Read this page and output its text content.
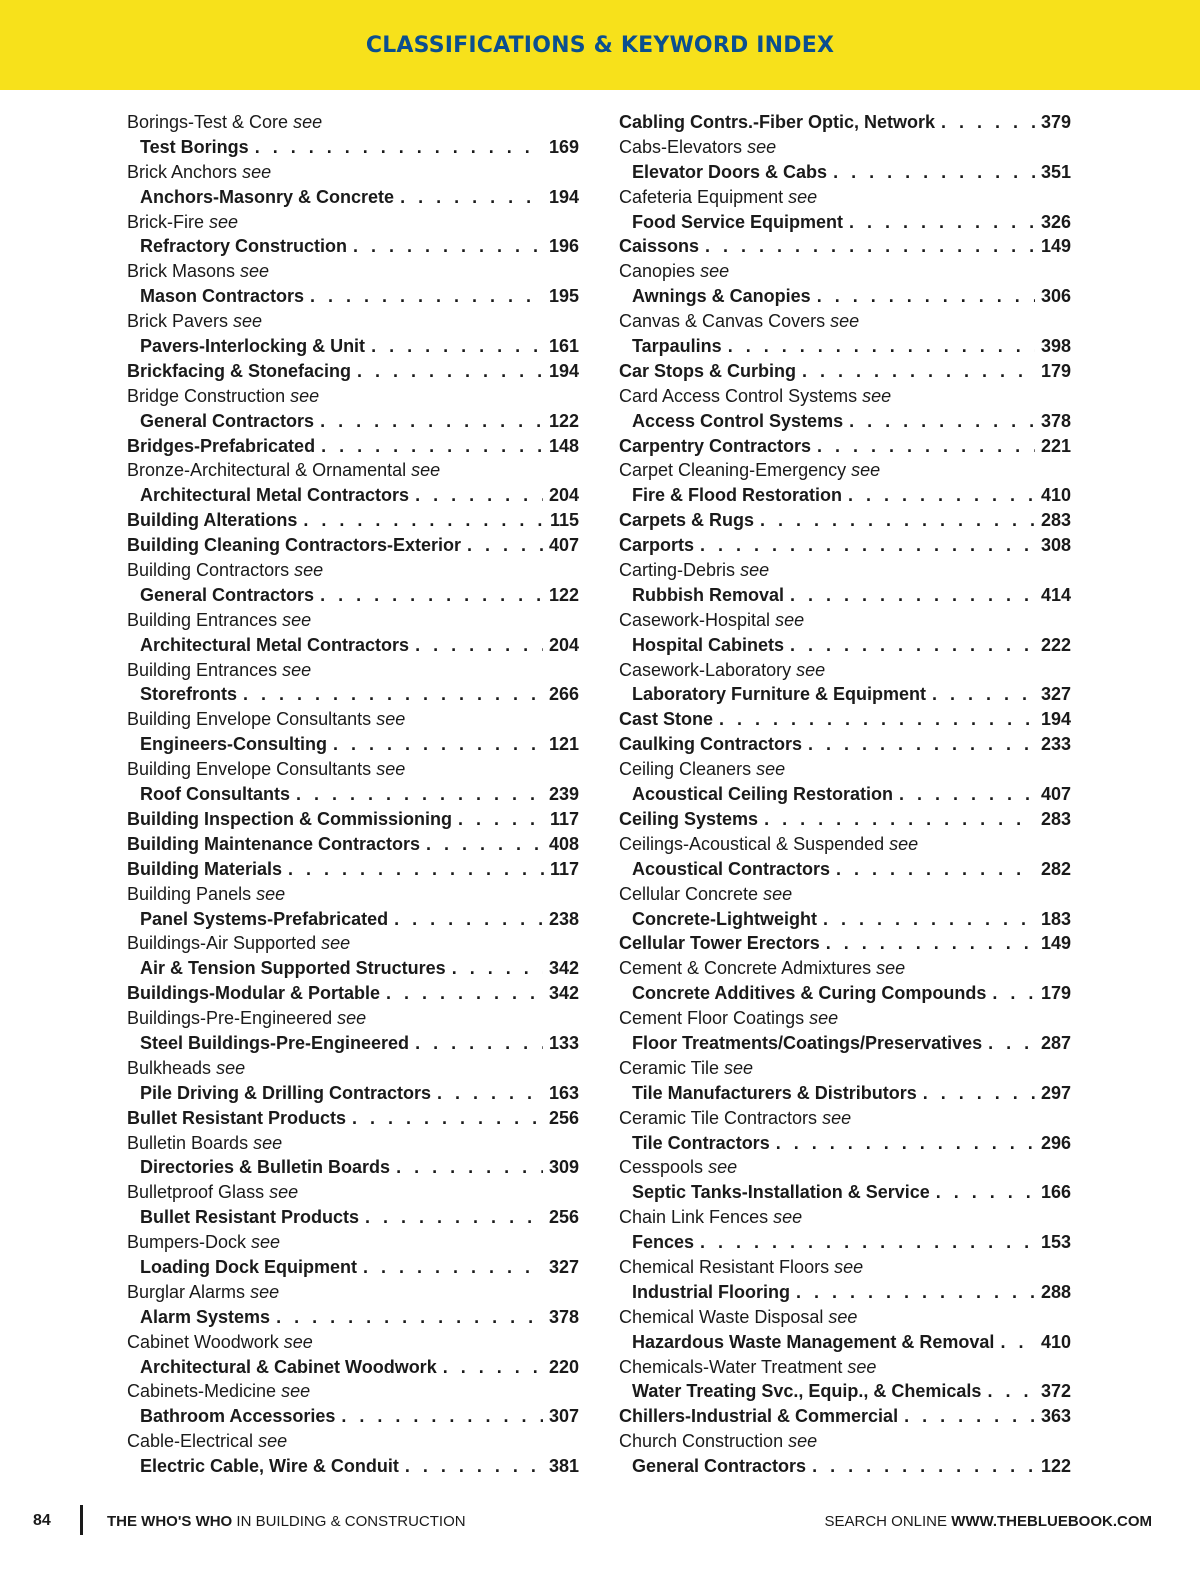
CLASSIFICATIONS & KEYWORD INDEX
Borings-Test & Core see
Test Borings . . .	169
Brick Anchors see
Anchors-Masonry & Concrete . . .	194
Brick-Fire see
Refractory Construction . . .	196
Brick Masons see
Mason Contractors . . .	195
Brick Pavers see
Pavers-Interlocking & Unit . . .	161
Brickfacing & Stonefacing . . .	194
Bridge Construction see
General Contractors . . .	122
Bridges-Prefabricated . . .	148
Bronze-Architectural & Ornamental see
Architectural Metal Contractors . . .	204
Building Alterations . . .	115
Building Cleaning Contractors-Exterior . . .	407
Building Contractors see
General Contractors . . .	122
Building Entrances see
Architectural Metal Contractors . . .	204
Building Entrances see
Storefronts . . .	266
Building Envelope Consultants see
Engineers-Consulting . . .	121
Building Envelope Consultants see
Roof Consultants . . .	239
Building Inspection & Commissioning . . .	117
Building Maintenance Contractors . . .	408
Building Materials . . .	117
Building Panels see
Panel Systems-Prefabricated . . .	238
Buildings-Air Supported see
Air & Tension Supported Structures . . .	342
Buildings-Modular & Portable . . .	342
Buildings-Pre-Engineered see
Steel Buildings-Pre-Engineered . . .	133
Bulkheads see
Pile Driving & Drilling Contractors . . .	163
Bullet Resistant Products . . .	256
Bulletin Boards see
Directories & Bulletin Boards . . .	309
Bulletproof Glass see
Bullet Resistant Products . . .	256
Bumpers-Dock see
Loading Dock Equipment . . .	327
Burglar Alarms see
Alarm Systems . . .	378
Cabinet Woodwork see
Architectural & Cabinet Woodwork . . .	220
Cabinets-Medicine see
Bathroom Accessories . . .	307
Cable-Electrical see
Electric Cable, Wire & Conduit . . .	381
Cabling Contrs.-Fiber Optic, Network . . .	379
Cabs-Elevators see
Elevator Doors & Cabs . . .	351
Cafeteria Equipment see
Food Service Equipment . . .	326
Caissons . . .	149
Canopies see
Awnings & Canopies . . .	306
Canvas & Canvas Covers see
Tarpaulins . . .	398
Car Stops & Curbing . . .	179
Card Access Control Systems see
Access Control Systems . . .	378
Carpentry Contractors . . .	221
Carpet Cleaning-Emergency see
Fire & Flood Restoration . . .	410
Carpets & Rugs . . .	283
Carports . . .	308
Carting-Debris see
Rubbish Removal . . .	414
Casework-Hospital see
Hospital Cabinets . . .	222
Casework-Laboratory see
Laboratory Furniture & Equipment . . .	327
Cast Stone . . .	194
Caulking Contractors . . .	233
Ceiling Cleaners see
Acoustical Ceiling Restoration . . .	407
Ceiling Systems . . .	283
Ceilings-Acoustical & Suspended see
Acoustical Contractors . . .	282
Cellular Concrete see
Concrete-Lightweight . . .	183
Cellular Tower Erectors . . .	149
Cement & Concrete Admixtures see
Concrete Additives & Curing Compounds . . .	179
Cement Floor Coatings see
Floor Treatments/Coatings/Preservatives . . .	287
Ceramic Tile see
Tile Manufacturers & Distributors . . .	297
Ceramic Tile Contractors see
Tile Contractors . . .	296
Cesspools see
Septic Tanks-Installation & Service . . .	166
Chain Link Fences see
Fences . . .	153
Chemical Resistant Floors see
Industrial Flooring . . .	288
Chemical Waste Disposal see
Hazardous Waste Management & Removal . . .	410
Chemicals-Water Treatment see
Water Treating Svc., Equip., & Chemicals . . .	372
Chillers-Industrial & Commercial . . .	363
Church Construction see
General Contractors . . .	122
84	THE WHO'S WHO IN BUILDING & CONSTRUCTION	SEARCH ONLINE WWW.THEBLUEBOOK.COM
